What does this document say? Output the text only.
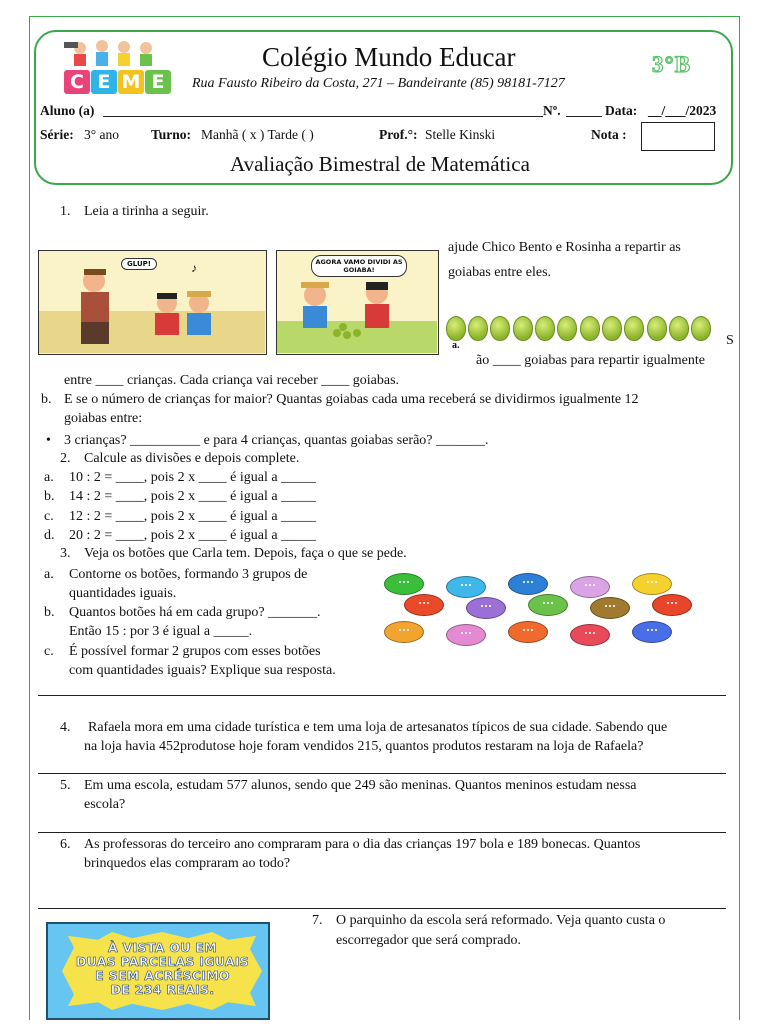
C E M E
Colégio Mundo Educar
Rua Fausto Ribeiro da Costa, 271 – Bandeirante (85) 98181-7127
3°B
Aluno (a)	Nº.	Data: __/___/2023
Série: 3° ano Turno: Manhã ( x ) Tarde ( )	Prof.°: Stelle Kinski	Nota :
Avaliação Bimestral de Matemática
1. Leia a tirinha a seguir.
GLUP!	♪	AGORA VAMO DIVIDI AS GOIABA!
ajude Chico Bento e Rosinha a repartir as
goiabas entre eles.
a.	S
ão ____ goiabas para repartir igualmente
entre ____ crianças. Cada criança vai receber ____ goiabas.
b. E se o número de crianças for maior? Quantas goiabas cada uma receberá se dividirmos igualmente 12
goiabas entre:
• 3 crianças? __________ e para 4 crianças, quantas goiabas serão? _______.
2. Calcule as divisões e depois complete.
a. 10 : 2 = ____, pois 2 x ____ é igual a _____
b. 14 : 2 = ____, pois 2 x ____ é igual a _____
c. 12 : 2 = ____, pois 2 x ____ é igual a _____
d. 20 : 2 = ____, pois 2 x ____ é igual a _____
3. Veja os botões que Carla tem. Depois, faça o que se pede.
a. Contorne os botões, formando 3 grupos de
quantidades iguais.
b. Quantos botões há em cada grupo? _______.
Então 15 : por 3 é igual a _____.
c. É possível formar 2 grupos com esses botões
com quantidades iguais? Explique sua resposta.
4. Rafaela mora em uma cidade turística e tem uma loja de artesanatos típicos de sua cidade. Sabendo que
na loja havia 452produtose hoje foram vendidos 215, quantos produtos restaram na loja de Rafaela?
5. Em uma escola, estudam 577 alunos, sendo que 249 são meninas. Quantos meninos estudam nessa
escola?
6. As professoras do terceiro ano compraram para o dia das crianças 197 bola e 189 bonecas. Quantos
brinquedos elas compraram ao todo?
7. O parquinho da escola será reformado. Veja quanto custa o
escorregador que será comprado.
À VISTA OU EM
DUAS PARCELAS IGUAIS
E SEM ACRÉSCIMO
DE 234 REAIS.
